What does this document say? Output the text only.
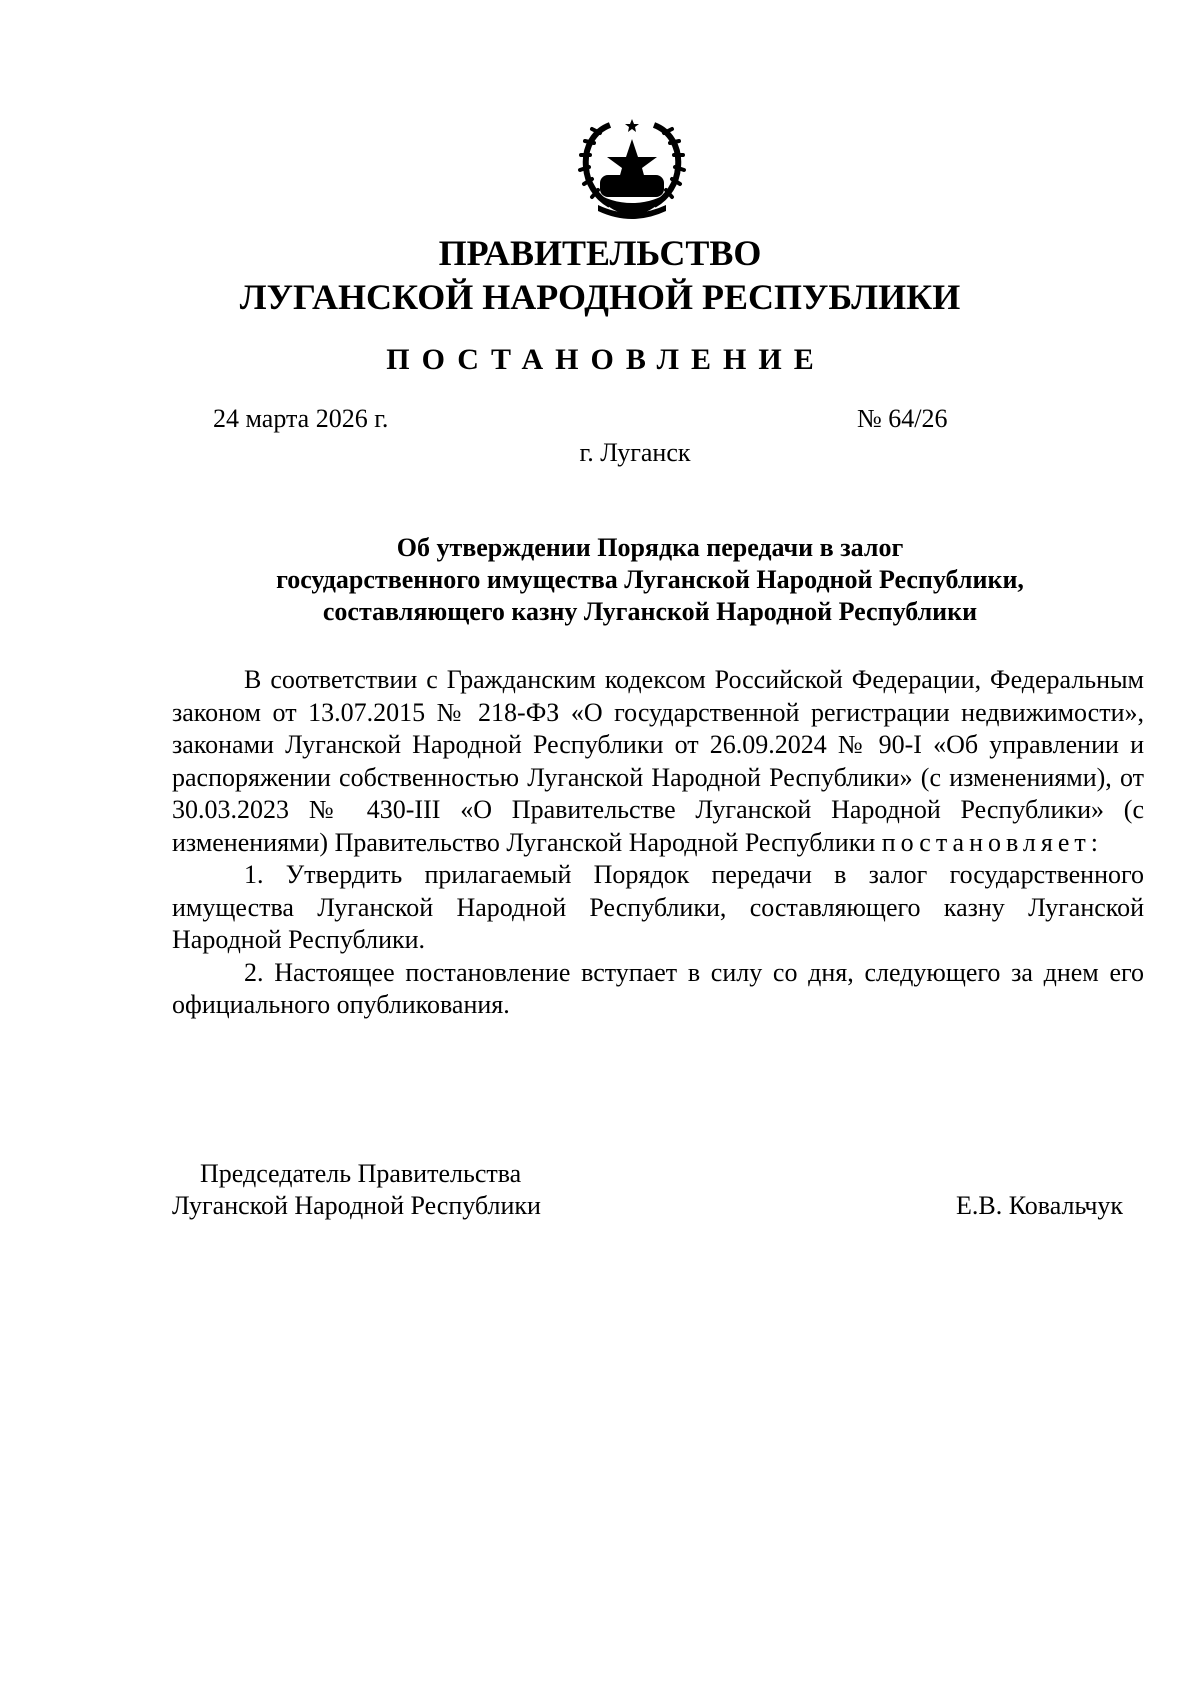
ПРАВИТЕЛЬСТВО
ЛУГАНСКОЙ НАРОДНОЙ РЕСПУБЛИКИ
ПОСТАНОВЛЕНИЕ
24 марта 2026 г.	№ 64/26
г. Луганск
Об утверждении Порядка передачи в залог
государственного имущества Луганской Народной Республики,
составляющего казну Луганской Народной Республики

В соответствии с Гражданским кодексом Российской Федерации, Федеральным законом от 13.07.2015 № 218-ФЗ «О государственной регистрации недвижимости», законами Луганской Народной Республики от 26.09.2024 № 90-I «Об управлении и распоряжении собственностью Луганской Народной Республики» (с изменениями), от 30.03.2023 № 430-III «О Правительстве Луганской Народной Республики» (с изменениями) Правительство Луганской Народной Республики постановляет:

1. Утвердить прилагаемый Порядок передачи в залог государственного имущества Луганской Народной Республики, составляющего казну Луганской Народной Республики.

2. Настоящее постановление вступает в силу со дня, следующего за днем его официального опубликования.

Председатель Правительства
Луганской Народной Республики	Е.В. Ковальчук
